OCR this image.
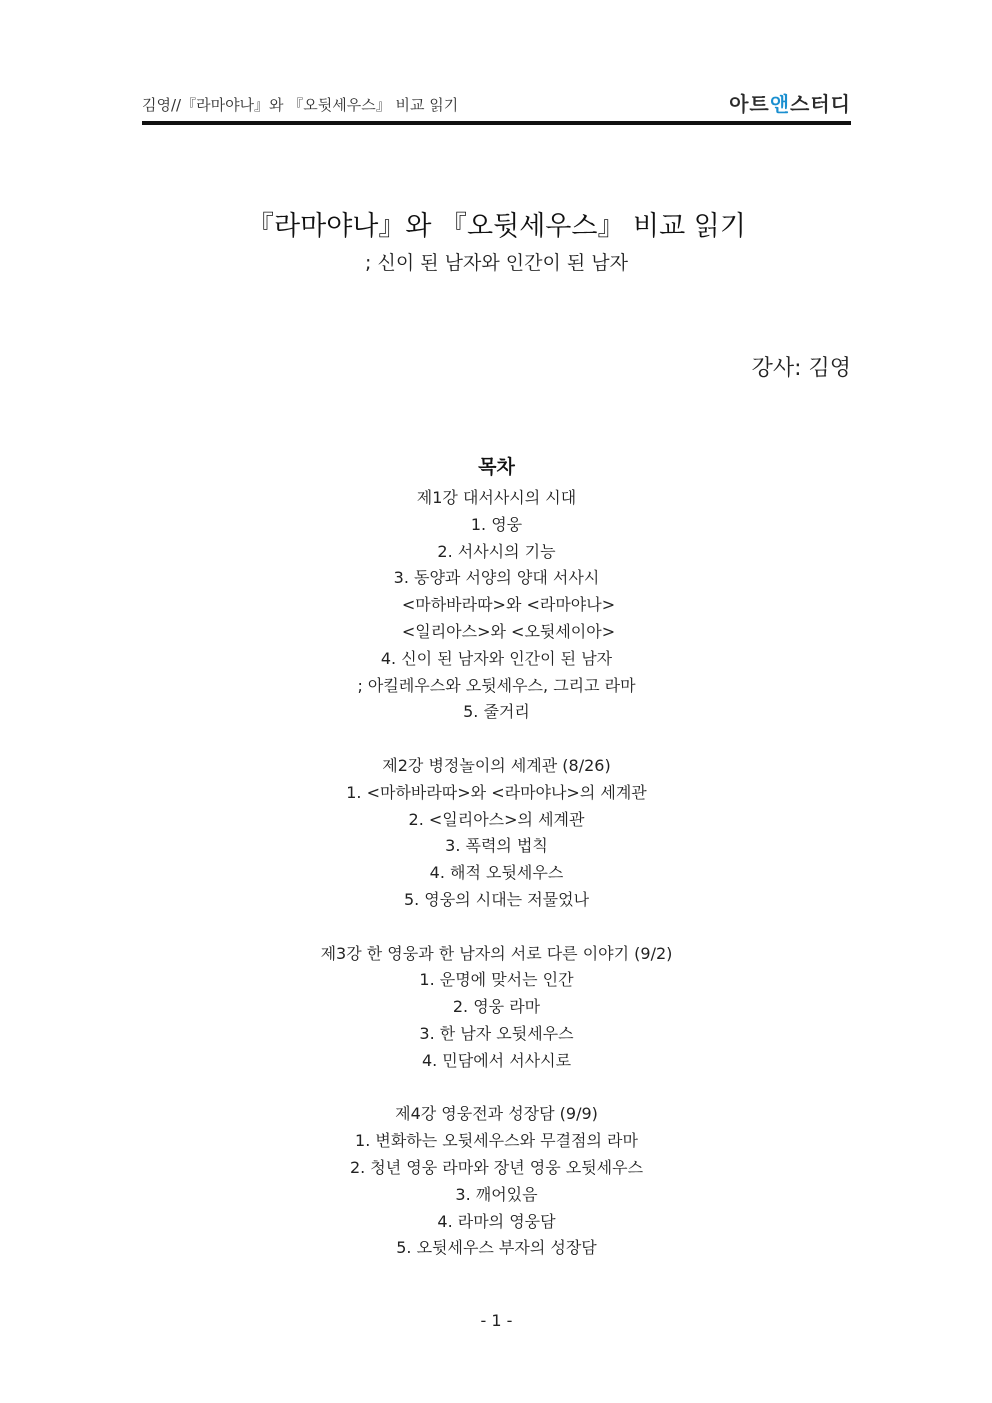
김영//『라마야나』와 『오뒷세우스』 비교 읽기	아트앤스터디
『라마야나』와 『오뒷세우스』 비교 읽기
; 신이 된 남자와 인간이 된 남자
강사: 김영
목차
제1강 대서사시의 시대
1. 영웅
2. 서사시의 기능
3. 동양과 서양의 양대 서사시
<마하바라따>와 <라마야나>
<일리아스>와 <오뒷세이아>
4. 신이 된 남자와 인간이 된 남자
; 아킬레우스와 오뒷세우스, 그리고 라마
5. 줄거리
제2강 병정놀이의 세계관 (8/26)
1. <마하바라따>와 <라마야나>의 세계관
2. <일리아스>의 세계관
3. 폭력의 법칙
4. 해적 오뒷세우스
5. 영웅의 시대는 저물었나
제3강 한 영웅과 한 남자의 서로 다른 이야기 (9/2)
1. 운명에 맞서는 인간
2. 영웅 라마
3. 한 남자 오뒷세우스
4. 민담에서 서사시로
제4강 영웅전과 성장담 (9/9)
1. 변화하는 오뒷세우스와 무결점의 라마
2. 청년 영웅 라마와 장년 영웅 오뒷세우스
3. 깨어있음
4. 라마의 영웅담
5. 오뒷세우스 부자의 성장담
- 1 -
